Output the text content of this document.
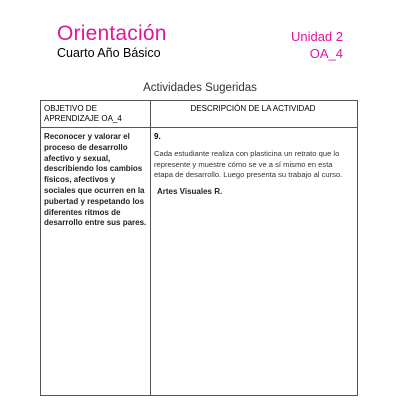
Orientación
Cuarto Año Básico
Unidad 2
OA_4
Actividades Sugeridas
OBJETIVO DE APRENDIZAJE OA_4
DESCRIPCIÓN DE LA ACTIVIDAD
Reconocer y valorar el proceso de desarrollo afectivo y sexual, describiendo los cambios físicos, afectivos y sociales que ocurren en la pubertad y respetando los diferentes ritmos de desarrollo entre sus pares.
9.
Cada estudiante realiza con plasticina un retrato que lo represente y muestre cómo se ve a sí mismo en esta etapa de desarrollo. Luego presenta su trabajo al curso.
Artes Visuales R.
